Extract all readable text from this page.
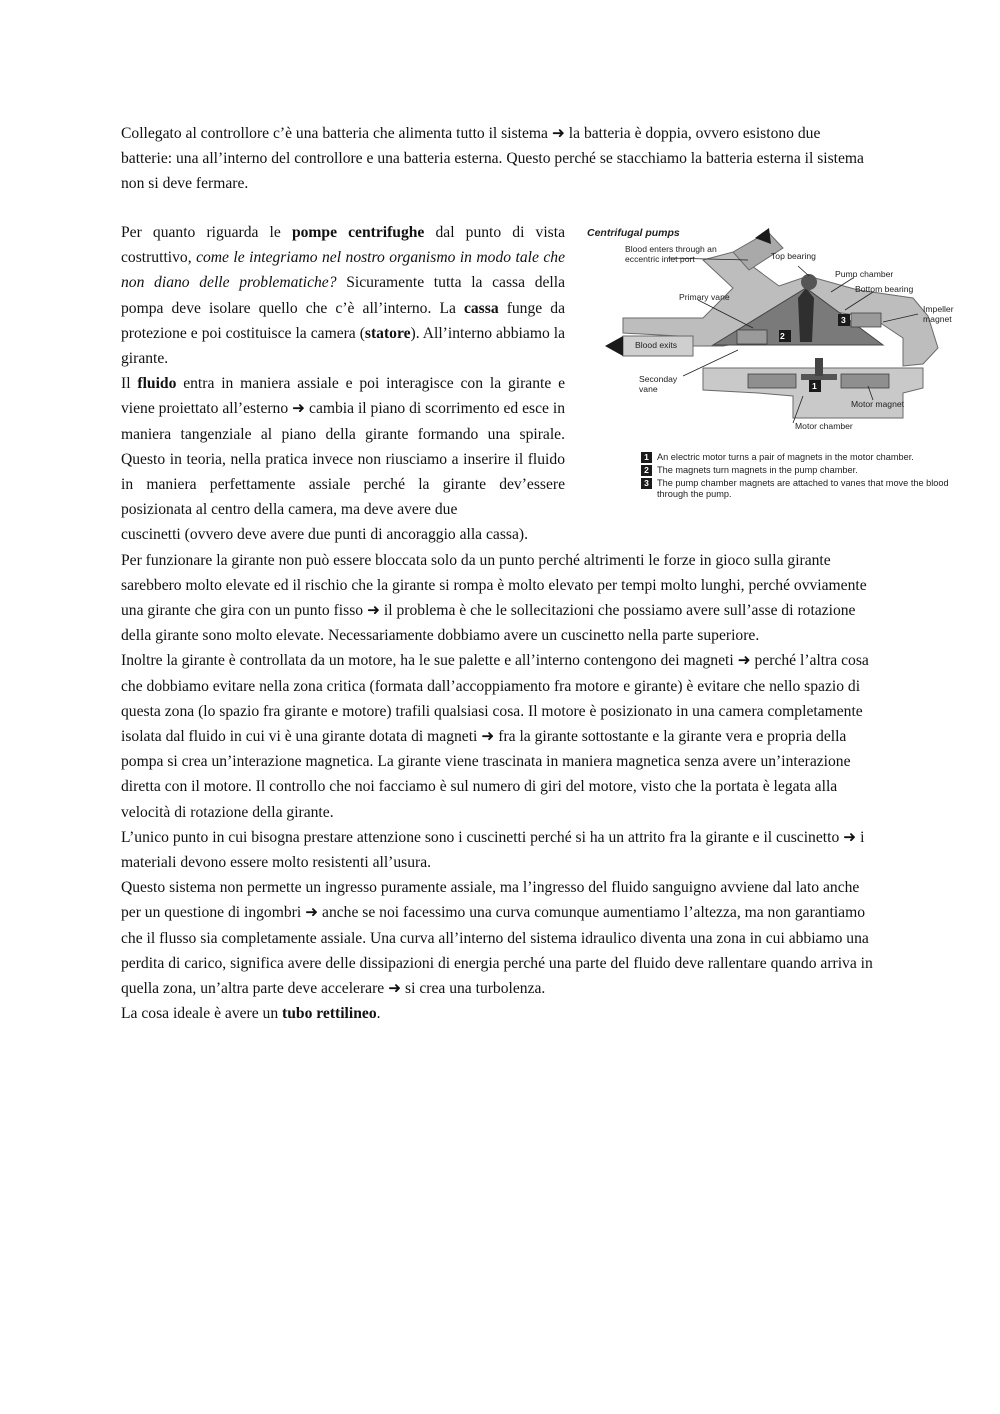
Collegato al controllore c’è una batteria che alimenta tutto il sistema ➜ la batteria è doppia, ovvero esistono due batterie: una all’interno del controllore e una batteria esterna. Questo perché se stacchiamo la batteria esterna il sistema non si deve fermare.

Per quanto riguarda le pompe centrifughe dal punto di vista costruttivo, come le integriamo nel nostro organismo in modo tale che non diano delle problematiche? Sicuramente tutta la cassa della pompa deve isolare quello che c’è all’interno. La cassa funge da protezione e poi costituisce la camera (statore). All’interno abbiamo la girante.

Il fluido entra in maniera assiale e poi interagisce con la girante e viene proiettato all’esterno ➜ cambia il piano di scorrimento ed esce in maniera tangenziale al piano della girante formando una spirale. Questo in teoria, nella pratica invece non riusciamo a inserire il fluido in maniera perfettamente assiale perché la girante dev’essere posizionata al centro della camera, ma deve avere due

cuscinetti (ovvero deve avere due punti di ancoraggio alla cassa).

Per funzionare la girante non può essere bloccata solo da un punto perché altrimenti le forze in gioco sulla girante sarebbero molto elevate ed il rischio che la girante si rompa è molto elevato per tempi molto lunghi, perché ovviamente una girante che gira con un punto fisso ➜ il problema è che le sollecitazioni che possiamo avere sull’asse di rotazione della girante sono molto elevate. Necessariamente dobbiamo avere un cuscinetto nella parte superiore.

Inoltre la girante è controllata da un motore, ha le sue palette e all’interno contengono dei magneti ➜ perché l’altra cosa che dobbiamo evitare nella zona critica (formata dall’accoppiamento fra motore e girante) è evitare che nello spazio di questa zona (lo spazio fra girante e motore) trafili qualsiasi cosa. Il motore è posizionato in una camera completamente isolata dal fluido in cui vi è una girante dotata di magneti ➜ fra la girante sottostante e la girante vera e propria della pompa si crea un’interazione magnetica. La girante viene trascinata in maniera magnetica senza avere un’interazione diretta con il motore. Il controllo che noi facciamo è sul numero di giri del motore, visto che la portata è legata alla velocità di rotazione della girante.

L’unico punto in cui bisogna prestare attenzione sono i cuscinetti perché si ha un attrito fra la girante e il cuscinetto ➜ i materiali devono essere molto resistenti all’usura.

Questo sistema non permette un ingresso puramente assiale, ma l’ingresso del fluido sanguigno avviene dal lato anche per un questione di ingombri ➜ anche se noi facessimo una curva comunque aumentiamo l’altezza, ma non garantiamo che il flusso sia completamente assiale. Una curva all’interno del sistema idraulico diventa una zona in cui abbiamo una perdita di carico, significa avere delle dissipazioni di energia perché una parte del fluido deve rallentare quando arriva in quella zona, un’altra parte deve accelerare ➜ si crea una turbolenza.

La cosa ideale è avere un tubo rettilineo.

Centrifugal pumps
Blood enters through an eccentric inlet port	Top bearing
Pump chamber
Bottom bearing
Primary vane
Impeller magnet
Blood exits
Seconday vane
Motor magnet
Motor chamber
2
3
1
1 An electric motor turns a pair of magnets in the motor chamber.
2 The magnets turn magnets in the pump chamber.
3 The pump chamber magnets are attached to vanes that move the blood through the pump.
